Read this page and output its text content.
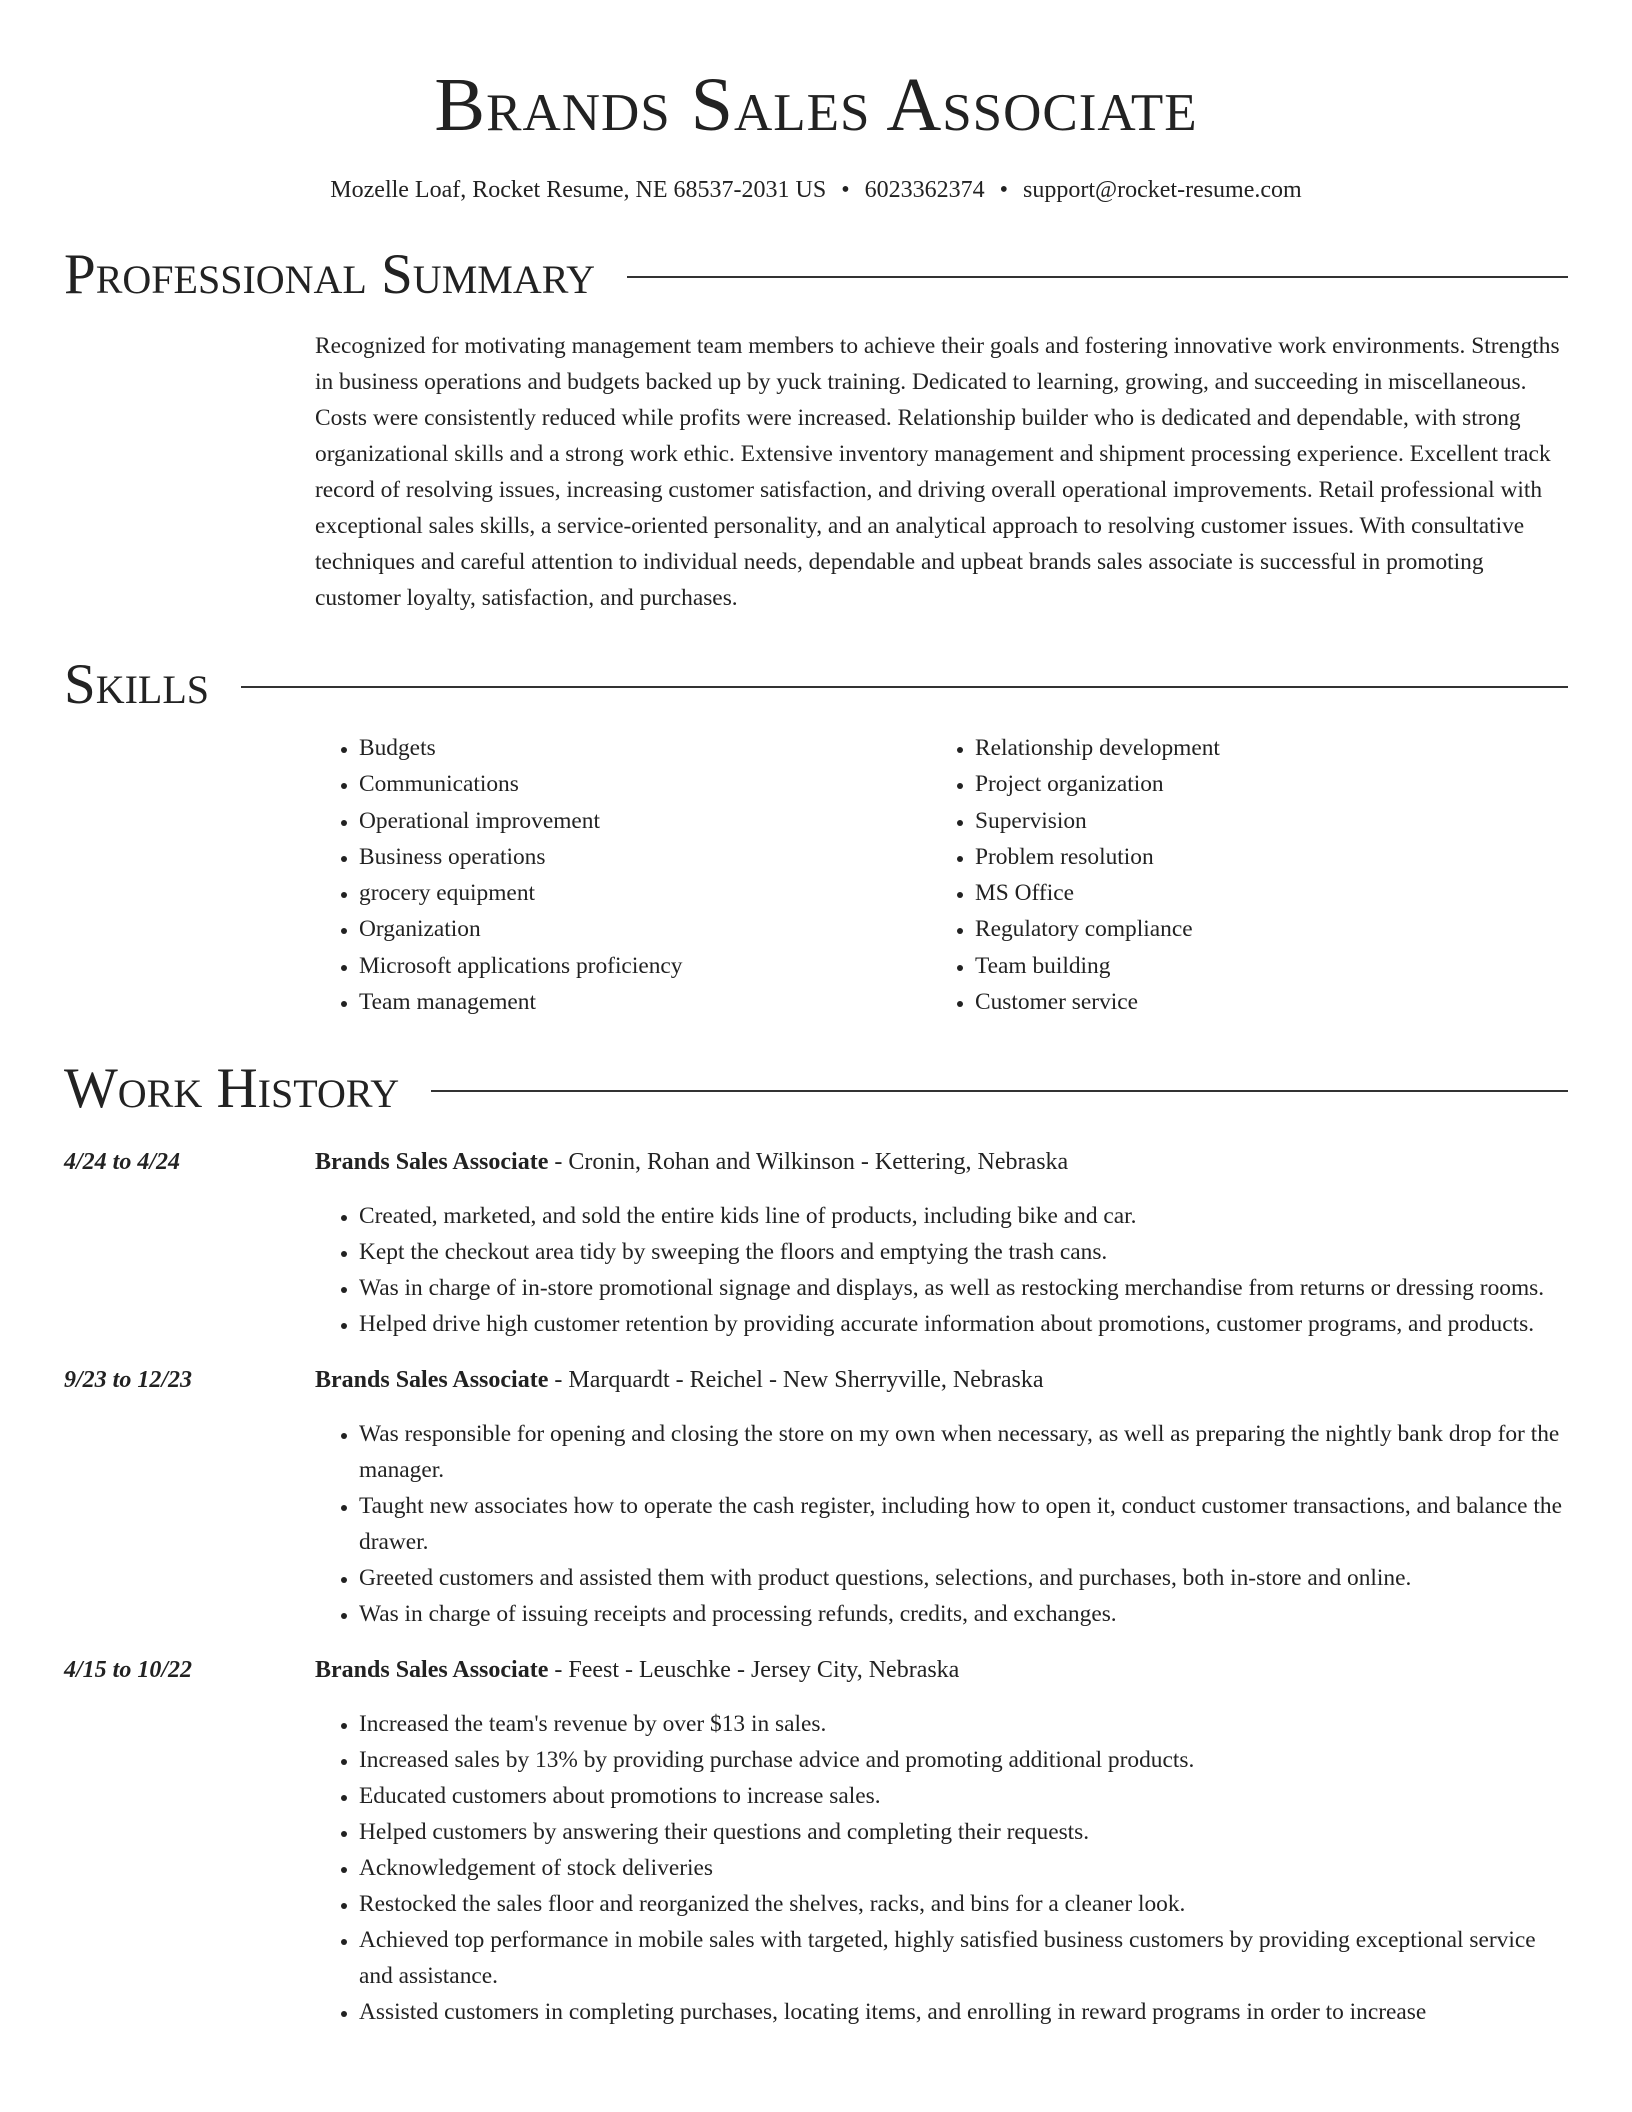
Brands Sales Associate
Mozelle Loaf, Rocket Resume, NE 68537-2031 US • 6023362374 • support@rocket-resume.com
Professional Summary

Recognized for motivating management team members to achieve their goals and fostering innovative work environments. Strengths in business operations and budgets backed up by yuck training. Dedicated to learning, growing, and succeeding in miscellaneous. Costs were consistently reduced while profits were increased. Relationship builder who is dedicated and dependable, with strong organizational skills and a strong work ethic. Extensive inventory management and shipment processing experience. Excellent track record of resolving issues, increasing customer satisfaction, and driving overall operational improvements. Retail professional with exceptional sales skills, a service-oriented personality, and an analytical approach to resolving customer issues. With consultative techniques and careful attention to individual needs, dependable and upbeat brands sales associate is successful in promoting customer loyalty, satisfaction, and purchases.

Skills
• Budgets
• Communications
• Operational improvement
• Business operations
• grocery equipment
• Organization
• Microsoft applications proficiency
• Team management
• Relationship development
• Project organization
• Supervision
• Problem resolution
• MS Office
• Regulatory compliance
• Team building
• Customer service
Work History
4/24 to 4/24	Brands Sales Associate - Cronin, Rohan and Wilkinson - Kettering, Nebraska
• Created, marketed, and sold the entire kids line of products, including bike and car.
• Kept the checkout area tidy by sweeping the floors and emptying the trash cans.
• Was in charge of in-store promotional signage and displays, as well as restocking merchandise from returns or dressing rooms.
• Helped drive high customer retention by providing accurate information about promotions, customer programs, and products.
9/23 to 12/23	Brands Sales Associate - Marquardt - Reichel - New Sherryville, Nebraska
• Was responsible for opening and closing the store on my own when necessary, as well as preparing the nightly bank drop for the manager.
• Taught new associates how to operate the cash register, including how to open it, conduct customer transactions, and balance the drawer.
• Greeted customers and assisted them with product questions, selections, and purchases, both in-store and online.
• Was in charge of issuing receipts and processing refunds, credits, and exchanges.
4/15 to 10/22	Brands Sales Associate - Feest - Leuschke - Jersey City, Nebraska
• Increased the team's revenue by over $13 in sales.
• Increased sales by 13% by providing purchase advice and promoting additional products.
• Educated customers about promotions to increase sales.
• Helped customers by answering their questions and completing their requests.
• Acknowledgement of stock deliveries
• Restocked the sales floor and reorganized the shelves, racks, and bins for a cleaner look.
• Achieved top performance in mobile sales with targeted, highly satisfied business customers by providing exceptional service and assistance.
• Assisted customers in completing purchases, locating items, and enrolling in reward programs in order to increase
